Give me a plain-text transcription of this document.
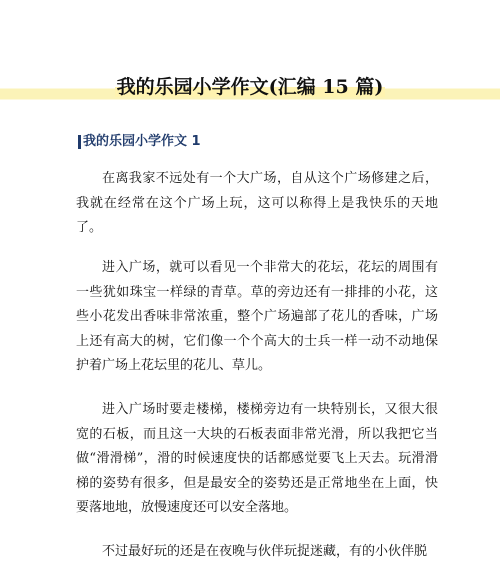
我的乐园小学作文(汇编 15 篇)
我的乐园小学作文 1

在离我家不远处有一个大广场，自从这个广场修建之后，我就在经常在这个广场上玩，这可以称得上是我快乐的天地了。

进入广场，就可以看见一个非常大的花坛，花坛的周围有一些犹如珠宝一样绿的青草。草的旁边还有一排排的小花，这些小花发出香味非常浓重，整个广场遍部了花儿的香味，广场上还有高大的树，它们像一个个高大的士兵一样一动不动地保护着广场上花坛里的花儿、草儿。

进入广场时要走楼梯，楼梯旁边有一块特别长，又很大很宽的石板，而且这一大块的石板表面非常光滑，所以我把它当做“滑滑梯”，滑的时候速度快的话都感觉要飞上天去。玩滑滑梯的姿势有很多，但是最安全的姿势还是正常地坐在上面，快要落地地，放慢速度还可以安全落地。

不过最好玩的还是在夜晚与伙伴玩捉迷藏，有的小伙伴脱
